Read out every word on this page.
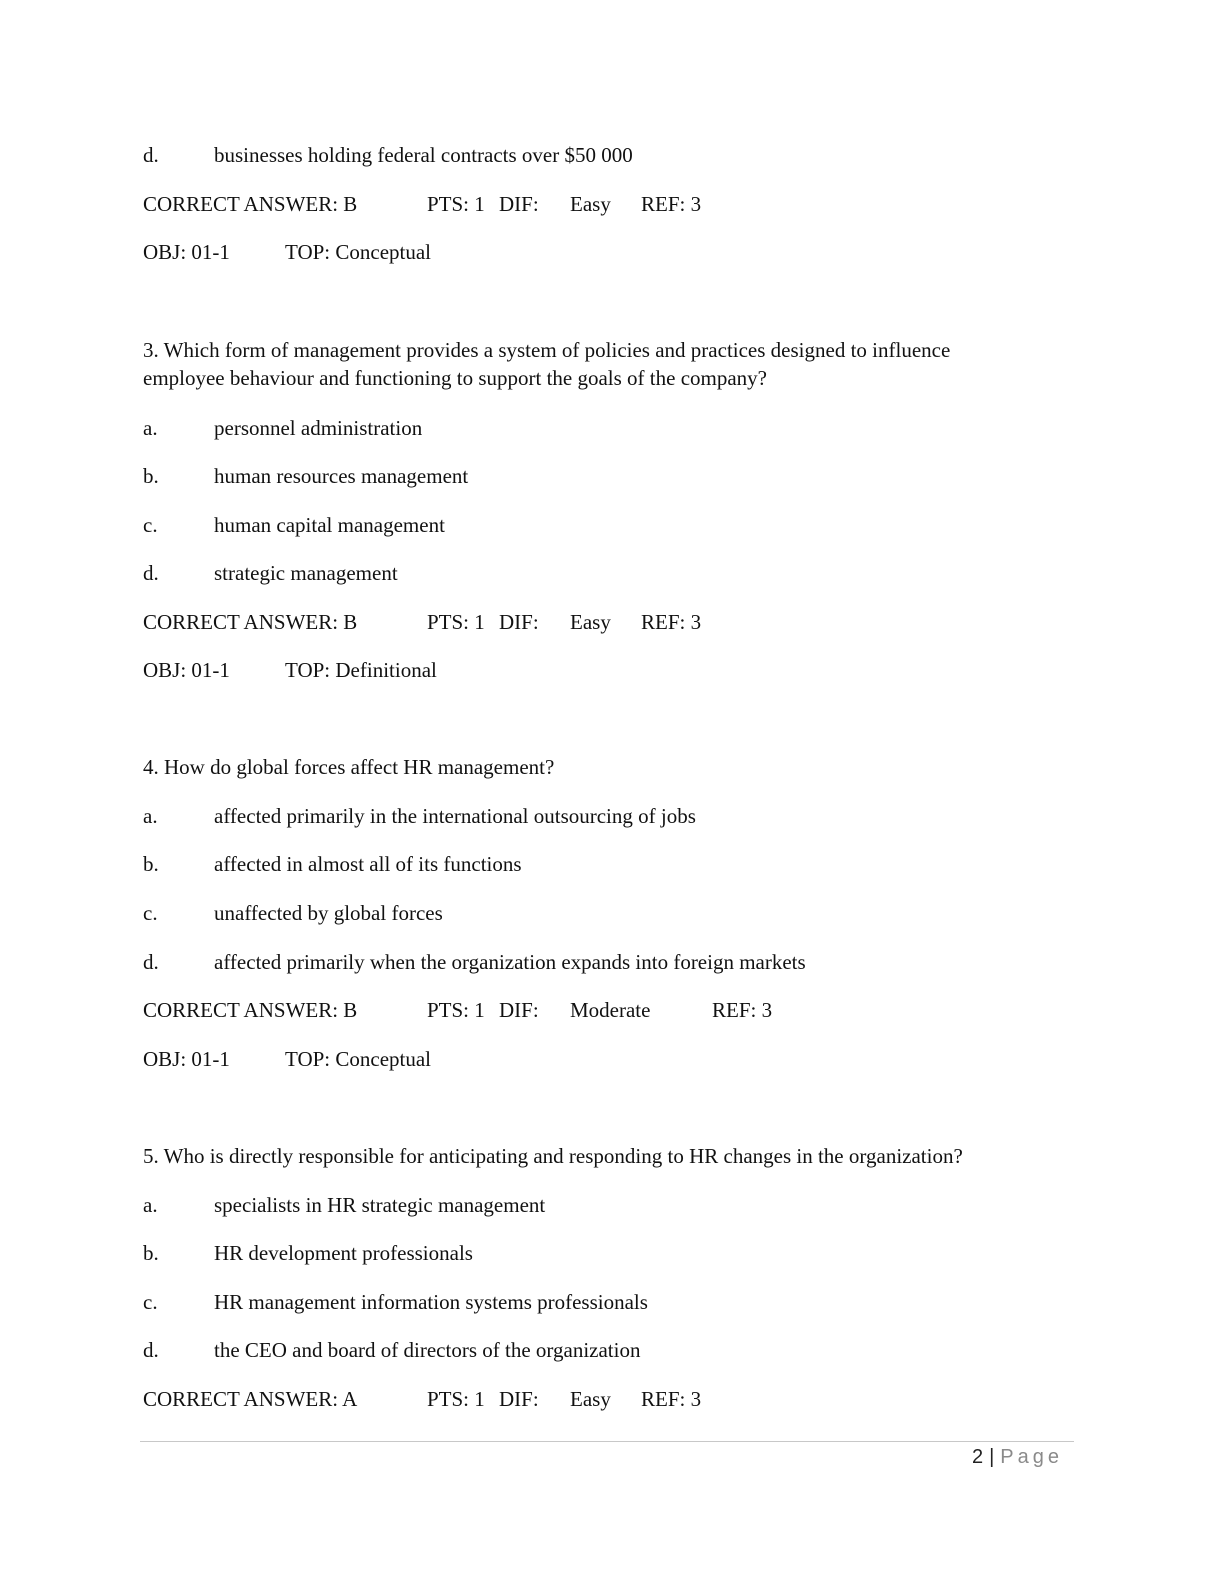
d.	businesses holding federal contracts over $50 000
CORRECT ANSWER: B	PTS: 1 DIF: Easy REF: 3
OBJ: 01-1	TOP: Conceptual
3. Which form of management provides a system of policies and practices designed to influence employee behaviour and functioning to support the goals of the company?
a.	personnel administration
b.	human resources management
c.	human capital management
d.	strategic management
CORRECT ANSWER: B	PTS: 1 DIF: Easy REF: 3
OBJ: 01-1	TOP: Definitional
4. How do global forces affect HR management?
a.	affected primarily in the international outsourcing of jobs
b.	affected in almost all of its functions
c.	unaffected by global forces
d.	affected primarily when the organization expands into foreign markets
CORRECT ANSWER: B	PTS: 1 DIF: Moderate	REF: 3
OBJ: 01-1	TOP: Conceptual
5. Who is directly responsible for anticipating and responding to HR changes in the organization?
a.	specialists in HR strategic management
b.	HR development professionals
c.	HR management information systems professionals
d.	the CEO and board of directors of the organization
CORRECT ANSWER: A	PTS: 1 DIF: Easy REF: 3
2 | Page
